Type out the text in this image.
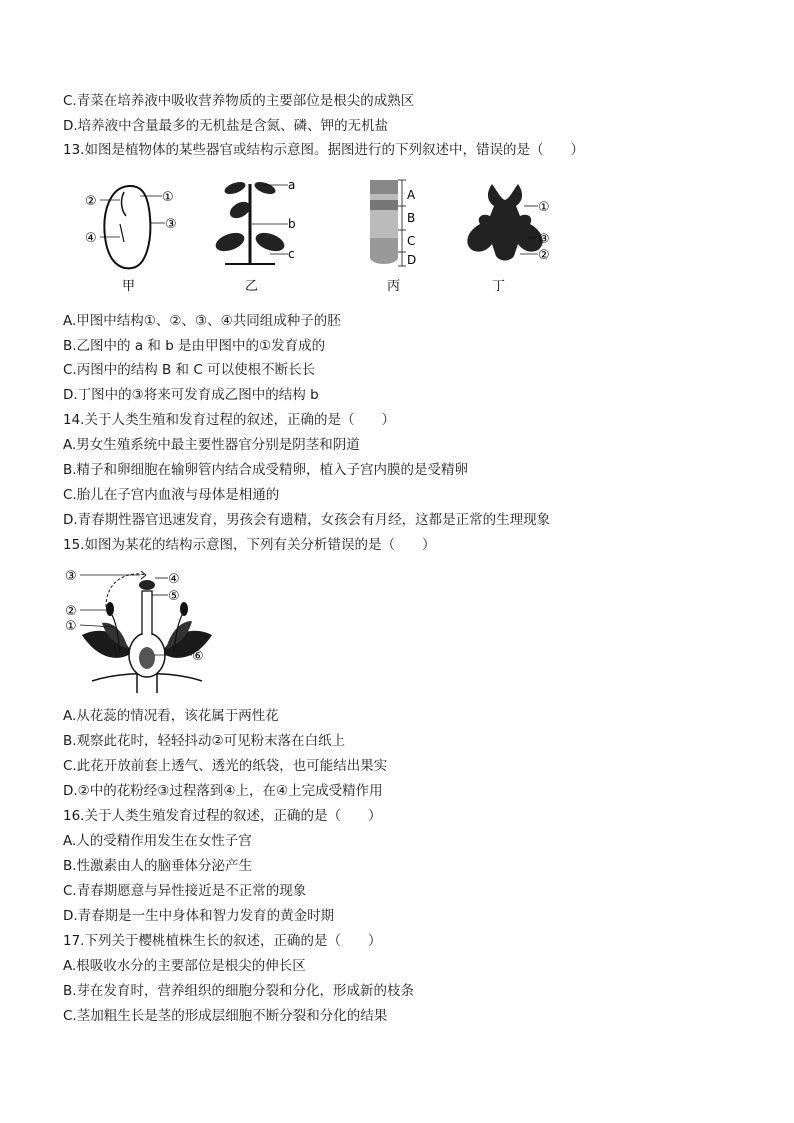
C.青菜在培养液中吸收营养物质的主要部位是根尖的成熟区
D.培养液中含量最多的无机盐是含氮、磷、钾的无机盐
13.如图是植物体的某些器官或结构示意图。据图进行的下列叙述中，错误的是（　　）
②	①
③
④
a
b
c
A
B
C
D
①
③
②
甲	乙	丙	丁
A.甲图中结构①、②、③、④共同组成种子的胚
B.乙图中的 a 和 b 是由甲图中的①发育成的
C.丙图中的结构 B 和 C 可以使根不断长长
D.丁图中的③将来可发育成乙图中的结构 b
14.关于人类生殖和发育过程的叙述，正确的是（　　）
A.男女生殖系统中最主要性器官分别是阴茎和阴道
B.精子和卵细胞在输卵管内结合成受精卵，植入子宫内膜的是受精卵
C.胎儿在子宫内血液与母体是相通的
D.青春期性器官迅速发育，男孩会有遗精，女孩会有月经，这都是正常的生理现象
15.如图为某花的结构示意图，下列有关分析错误的是（　　）
③	④
⑤
②
①
⑥
A.从花蕊的情况看，该花属于两性花
B.观察此花时，轻轻抖动②可见粉末落在白纸上
C.此花开放前套上透气、透光的纸袋，也可能结出果实
D.②中的花粉经③过程落到④上，在④上完成受精作用
16.关于人类生殖发育过程的叙述，正确的是（　　）
A.人的受精作用发生在女性子宫
B.性激素由人的脑垂体分泌产生
C.青春期愿意与异性接近是不正常的现象
D.青春期是一生中身体和智力发育的黄金时期
17.下列关于樱桃植株生长的叙述，正确的是（　　）
A.根吸收水分的主要部位是根尖的伸长区
B.芽在发育时，营养组织的细胞分裂和分化，形成新的枝条
C.茎加粗生长是茎的形成层细胞不断分裂和分化的结果
